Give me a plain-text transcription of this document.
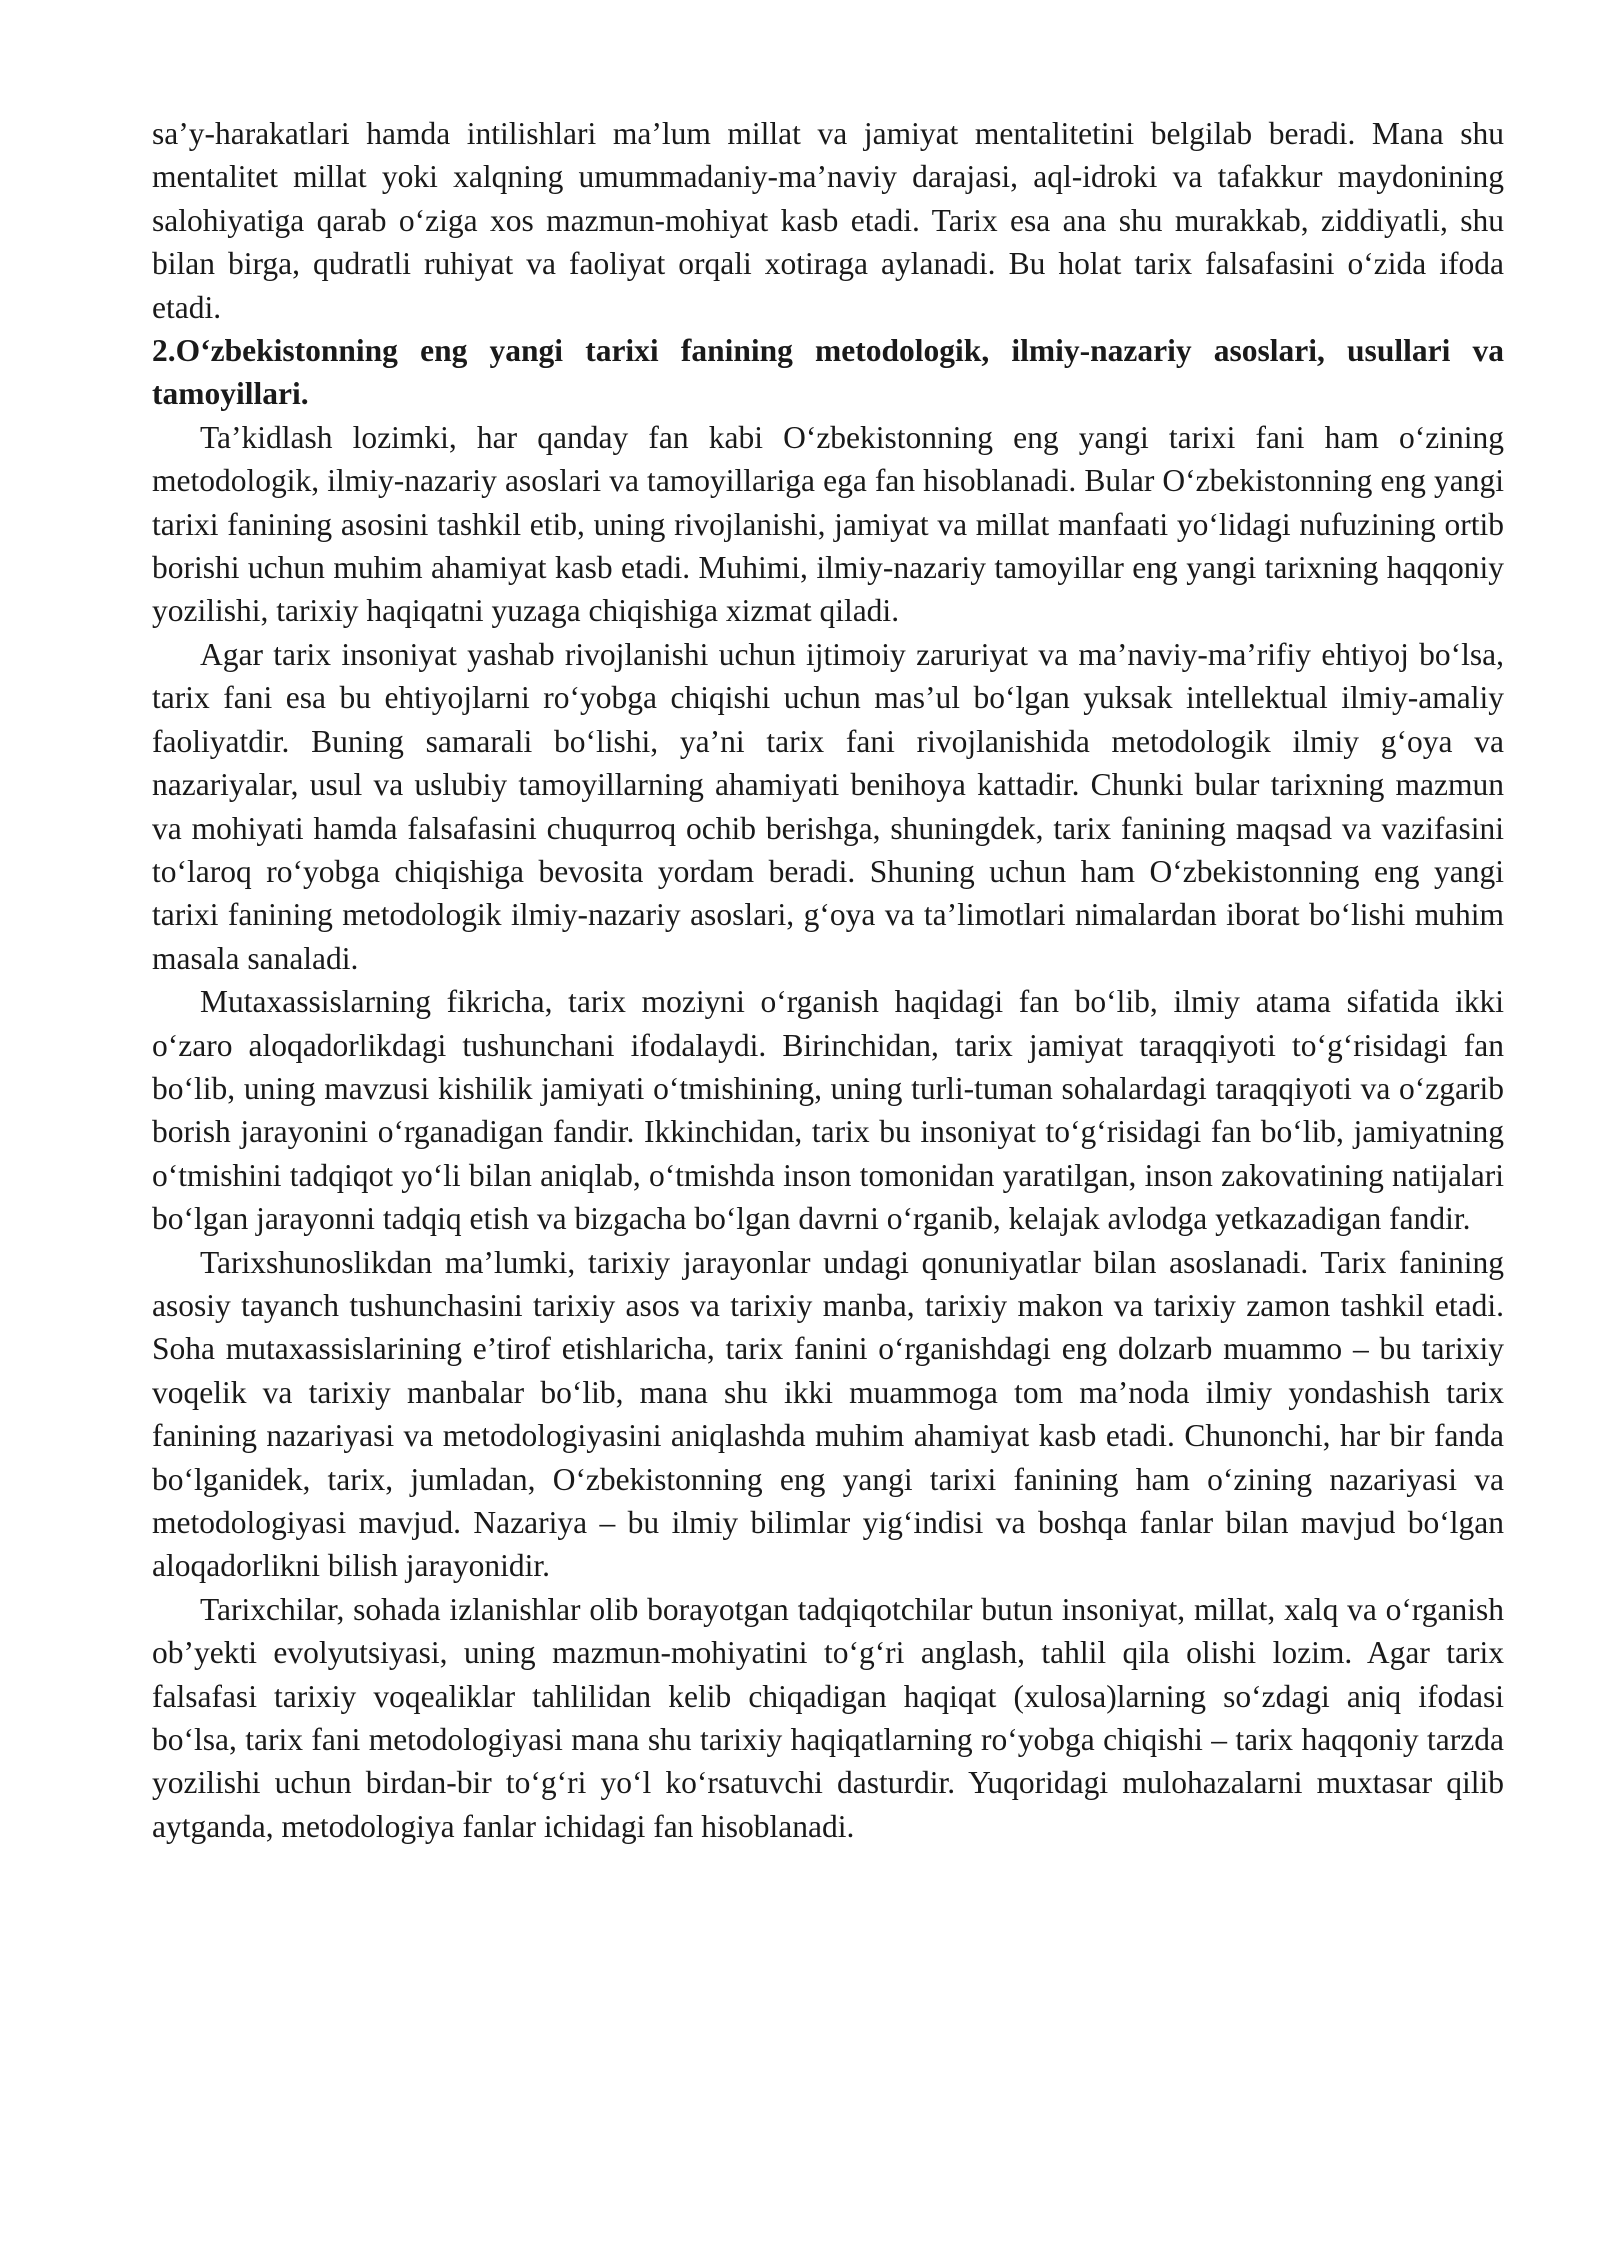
sa’y-harakatlari hamda intilishlari ma’lum millat va jamiyat mentalitetini belgilab beradi. Mana shu mentalitet millat yoki xalqning umummadaniy-ma’naviy darajasi, aql-idroki va tafakkur maydonining salohiyatiga qarab o‘ziga xos mazmun-mohiyat kasb etadi. Tarix esa ana shu murakkab, ziddiyatli, shu bilan birga, qudratli ruhiyat va faoliyat orqali xotiraga aylanadi. Bu holat tarix falsafasini o‘zida ifoda etadi.

2.O‘zbekistonning eng yangi tarixi fanining metodologik, ilmiy-nazariy asoslari, usullari va tamoyillari.

Ta’kidlash lozimki, har qanday fan kabi O‘zbekistonning eng yangi tarixi fani ham o‘zining metodologik, ilmiy-nazariy asoslari va tamoyillariga ega fan hisoblanadi. Bular O‘zbekistonning eng yangi tarixi fanining asosini tashkil etib, uning rivojlanishi, jamiyat va millat manfaati yo‘lidagi nufuzining ortib borishi uchun muhim ahamiyat kasb etadi. Muhimi, ilmiy-nazariy tamoyillar eng yangi tarixning haqqoniy yozilishi, tarixiy haqiqatni yuzaga chiqishiga xizmat qiladi.

Agar tarix insoniyat yashab rivojlanishi uchun ijtimoiy zaruriyat va ma’naviy-ma’rifiy ehtiyoj bo‘lsa, tarix fani esa bu ehtiyojlarni ro‘yobga chiqishi uchun mas’ul bo‘lgan yuksak intellektual ilmiy-amaliy faoliyatdir. Buning samarali bo‘lishi, ya’ni tarix fani rivojlanishida metodologik ilmiy g‘oya va nazariyalar, usul va uslubiy tamoyillarning ahamiyati benihoya kattadir. Chunki bular tarixning mazmun va mohiyati hamda falsafasini chuqurroq ochib berishga, shuningdek, tarix fanining maqsad va vazifasini to‘laroq ro‘yobga chiqishiga bevosita yordam beradi. Shuning uchun ham O‘zbekistonning eng yangi tarixi fanining metodologik ilmiy-nazariy asoslari, g‘oya va ta’limotlari nimalardan iborat bo‘lishi muhim masala sanaladi.

Mutaxassislarning fikricha, tarix moziyni o‘rganish haqidagi fan bo‘lib, ilmiy atama sifatida ikki o‘zaro aloqadorlikdagi tushunchani ifodalaydi. Birinchidan, tarix jamiyat taraqqiyoti to‘g‘risidagi fan bo‘lib, uning mavzusi kishilik jamiyati o‘tmishining, uning turli-tuman sohalardagi taraqqiyoti va o‘zgarib borish jarayonini o‘rganadigan fandir. Ikkinchidan, tarix bu insoniyat to‘g‘risidagi fan bo‘lib, jamiyatning o‘tmishini tadqiqot yo‘li bilan aniqlab, o‘tmishda inson tomonidan yaratilgan, inson zakovatining natijalari bo‘lgan jarayonni tadqiq etish va bizgacha bo‘lgan davrni o‘rganib, kelajak avlodga yetkazadigan fandir.

Tarixshunoslikdan ma’lumki, tarixiy jarayonlar undagi qonuniyatlar bilan asoslanadi. Tarix fanining asosiy tayanch tushunchasini tarixiy asos va tarixiy manba, tarixiy makon va tarixiy zamon tashkil etadi. Soha mutaxassislarining e’tirof etishlaricha, tarix fanini o‘rganishdagi eng dolzarb muammo – bu tarixiy voqelik va tarixiy manbalar bo‘lib, mana shu ikki muammoga tom ma’noda ilmiy yondashish tarix fanining nazariyasi va metodologiyasini aniqlashda muhim ahamiyat kasb etadi. Chunonchi, har bir fanda bo‘lganidek, tarix, jumladan, O‘zbekistonning eng yangi tarixi fanining ham o‘zining nazariyasi va metodologiyasi mavjud. Nazariya – bu ilmiy bilimlar yig‘indisi va boshqa fanlar bilan mavjud bo‘lgan aloqadorlikni bilish jarayonidir.

Tarixchilar, sohada izlanishlar olib borayotgan tadqiqotchilar butun insoniyat, millat, xalq va o‘rganish ob’yekti evolyutsiyasi, uning mazmun-mohiyatini to‘g‘ri anglash, tahlil qila olishi lozim. Agar tarix falsafasi tarixiy voqealiklar tahlilidan kelib chiqadigan haqiqat (xulosa)larning so‘zdagi aniq ifodasi bo‘lsa, tarix fani metodologiyasi mana shu tarixiy haqiqatlarning ro‘yobga chiqishi – tarix haqqoniy tarzda yozilishi uchun birdan-bir to‘g‘ri yo‘l ko‘rsatuvchi dasturdir. Yuqoridagi mulohazalarni muxtasar qilib aytganda, metodologiya fanlar ichidagi fan hisoblanadi.
